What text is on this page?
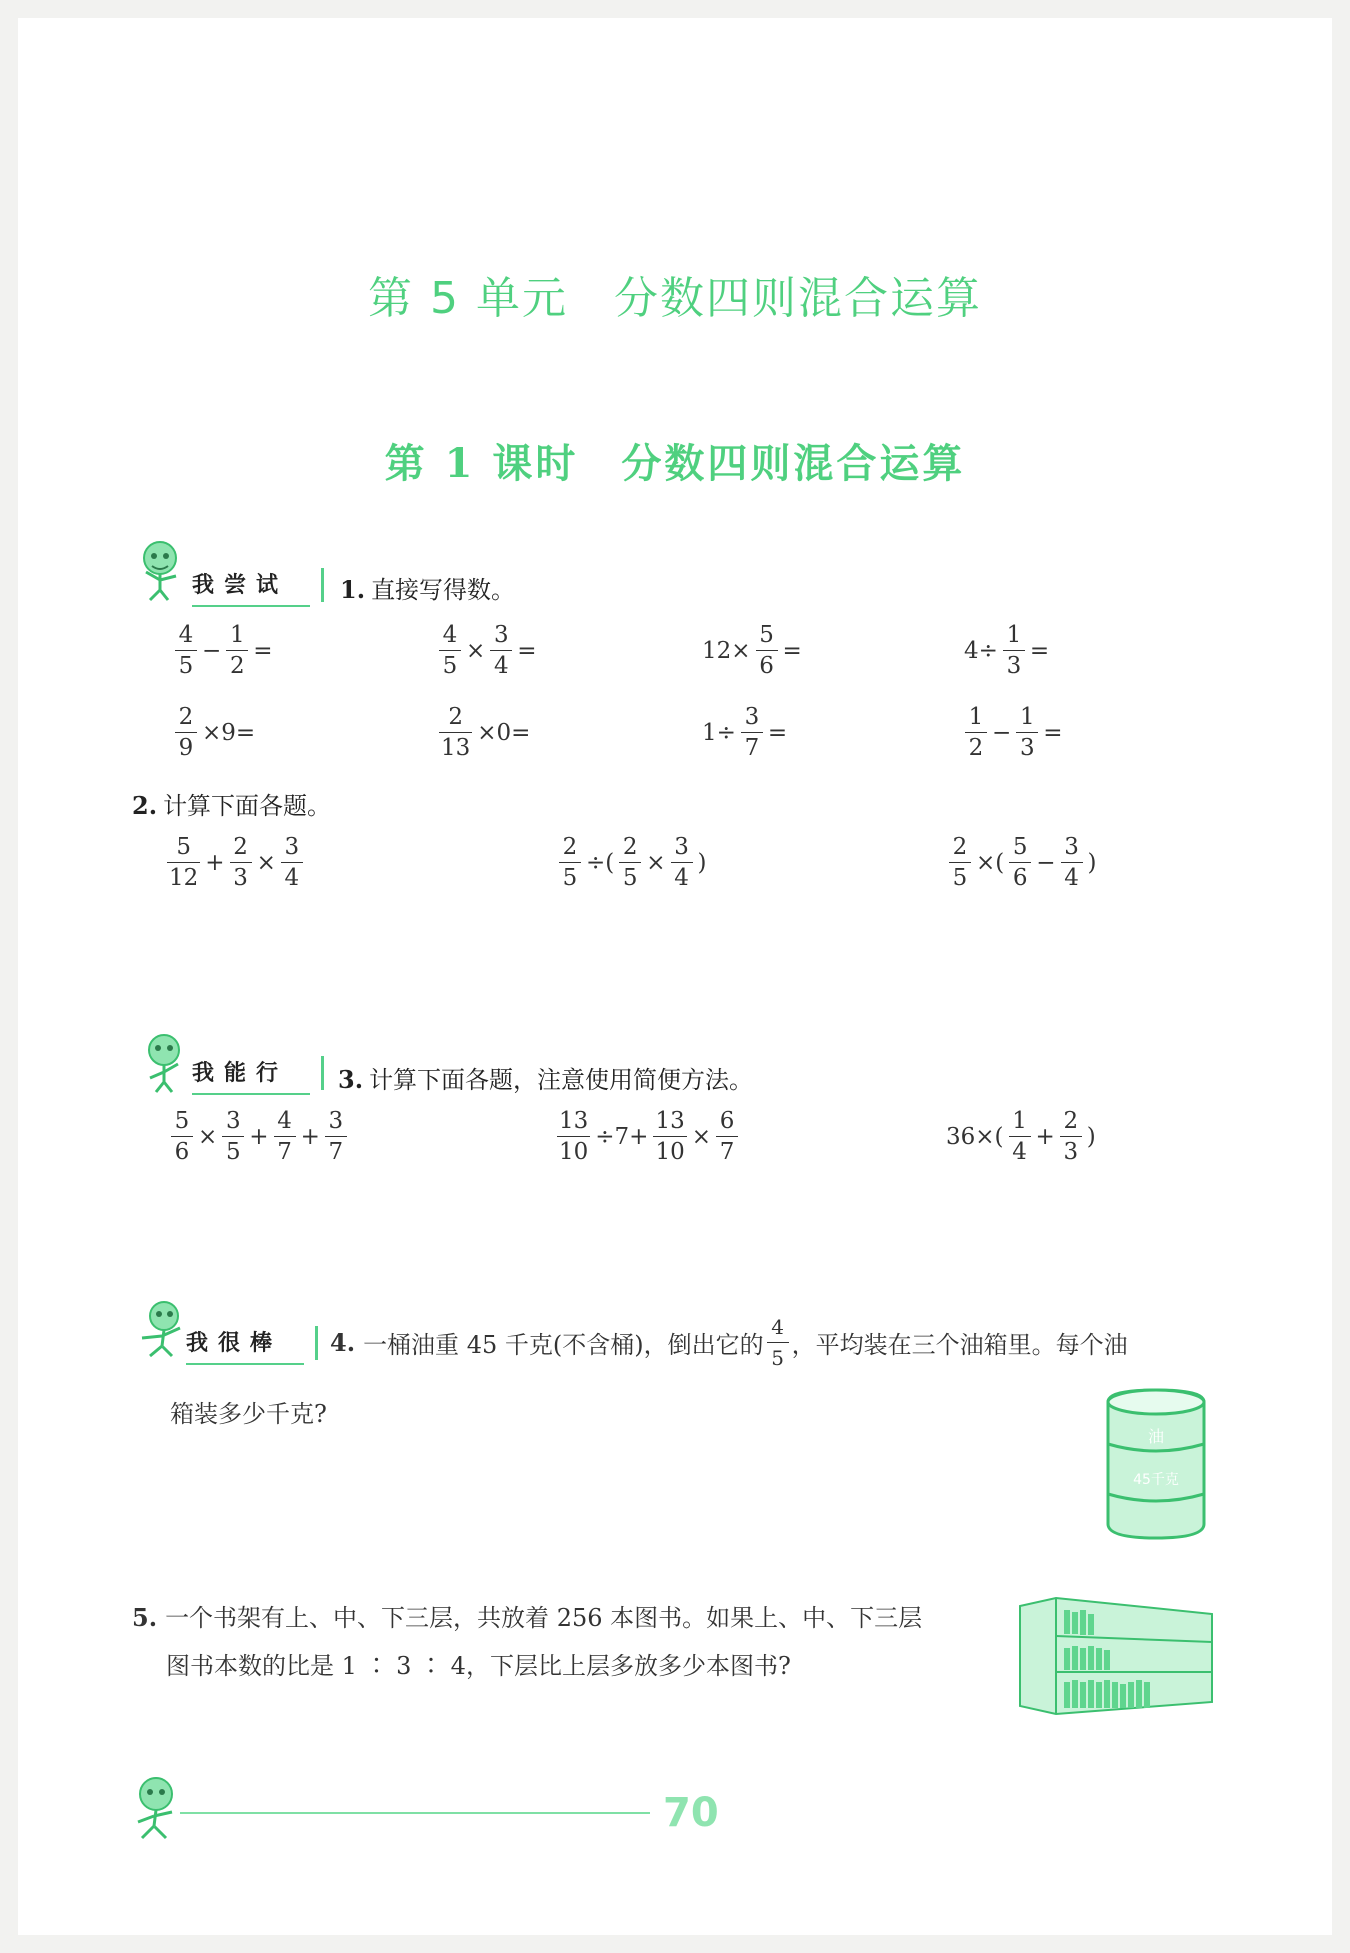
第 5 单元　分数四则混合运算
第 1 课时　分数四则混合运算
我尝试	1. 直接写得数。
$\frac{4}{5} - \frac{1}{2}$ =	$\frac{4}{5} \times \frac{3}{4}$ =	$12\times \frac{5}{6}$ =	$4\div \frac{1}{3}$ =
$\frac{2}{9} \times 9=$	$\frac{2}{13} \times 0=$	$1\div \frac{3}{7}$ =	$\frac{1}{2} - \frac{1}{3}$ =
2. 计算下面各题。
$\frac{5}{12} + \frac{2}{3} \times \frac{3}{4}$	$\frac{2}{5}$ ÷( $\frac{2}{5} \times \frac{3}{4}$ )	$\frac{2}{5}$ ×( $\frac{5}{6} - \frac{3}{4}$ )
我能行	3. 计算下面各题，注意使用简便方法。
$\frac{5}{6} \times \frac{3}{5} + \frac{4}{7} + \frac{3}{7}$	$\frac{13}{10} \div 7+ \frac{13}{10} \times \frac{6}{7}$	$36\times( \frac{1}{4} + \frac{2}{3}$ )
我很棒	4. 一桶油重 45 千克(不含桶)，倒出它的 $\frac{4}{5}$ ，平均装在三个油箱里。每个油
箱装多少千克?
油
45千克
5. 一个书架有上、中、下三层，共放着 256 本图书。如果上、中、下三层
图书本数的比是 1 ∶ 3 ∶ 4，下层比上层多放多少本图书?
70
